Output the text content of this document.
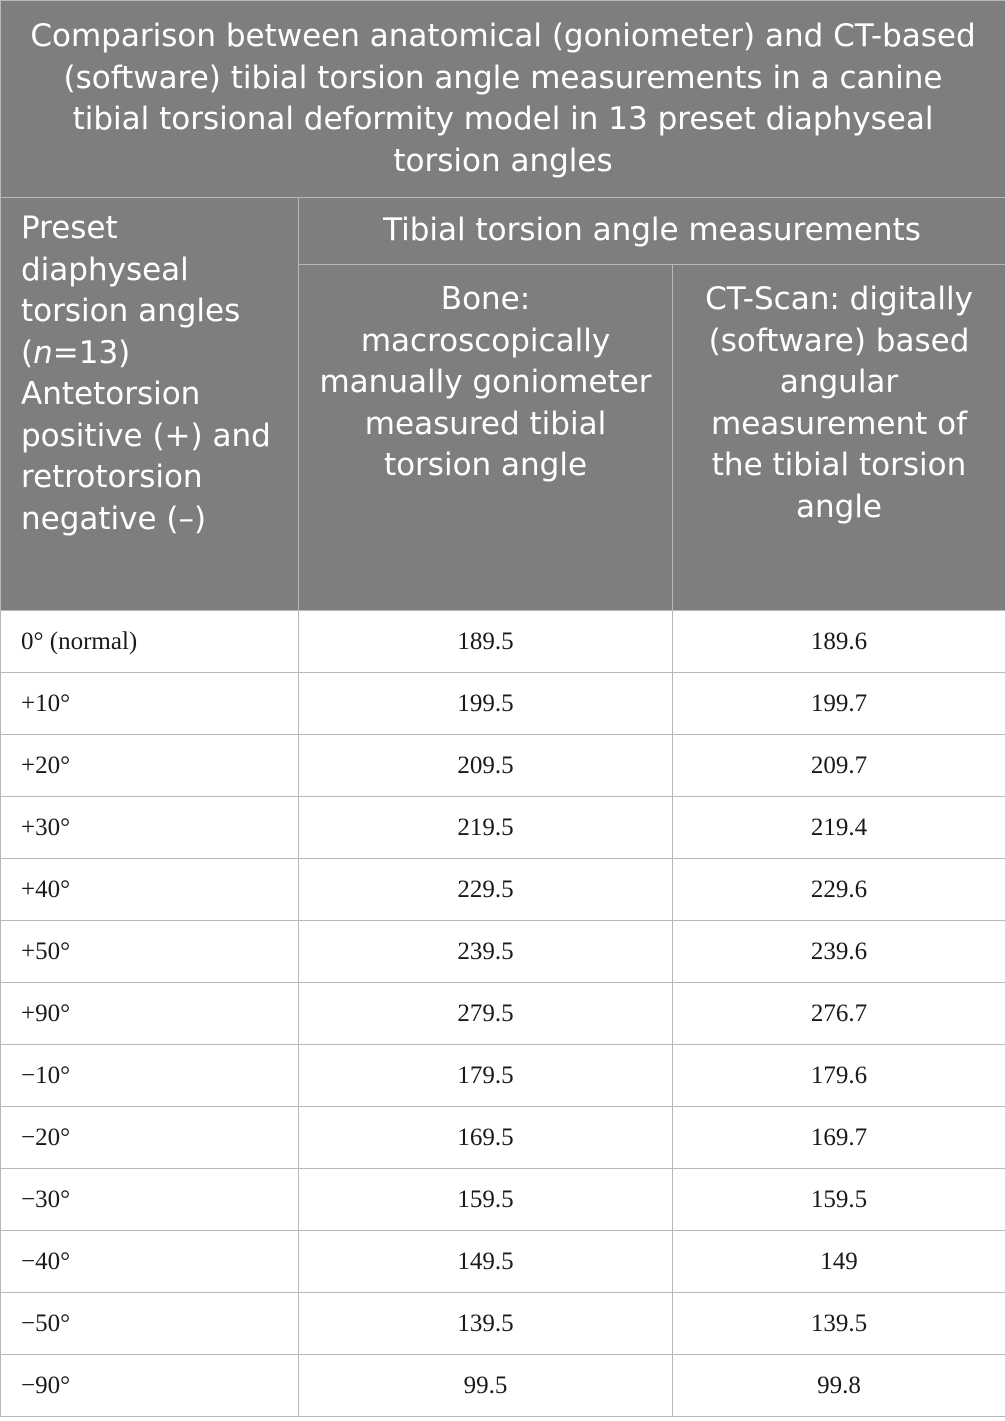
Comparison between anatomical (goniometer) and CT-based (software) tibial torsion angle measurements in a canine tibial torsional deformity model in 13 preset diaphyseal torsion angles		
Preset diaphyseal torsion angles (n=13) Antetorsion positive (+) and retrotorsion negative (–)	Tibial torsion angle measurements	
	Bone: macroscopically manually goniometer measured tibial torsion angle	CT-Scan: digitally (software) based angular measurement of the tibial torsion angle
0° (normal)	189.5	189.6
+10°	199.5	199.7
+20°	209.5	209.7
+30°	219.5	219.4
+40°	229.5	229.6
+50°	239.5	239.6
+90°	279.5	276.7
−10°	179.5	179.6
−20°	169.5	169.7
−30°	159.5	159.5
−40°	149.5	149
−50°	139.5	139.5
−90°	99.5	99.8
